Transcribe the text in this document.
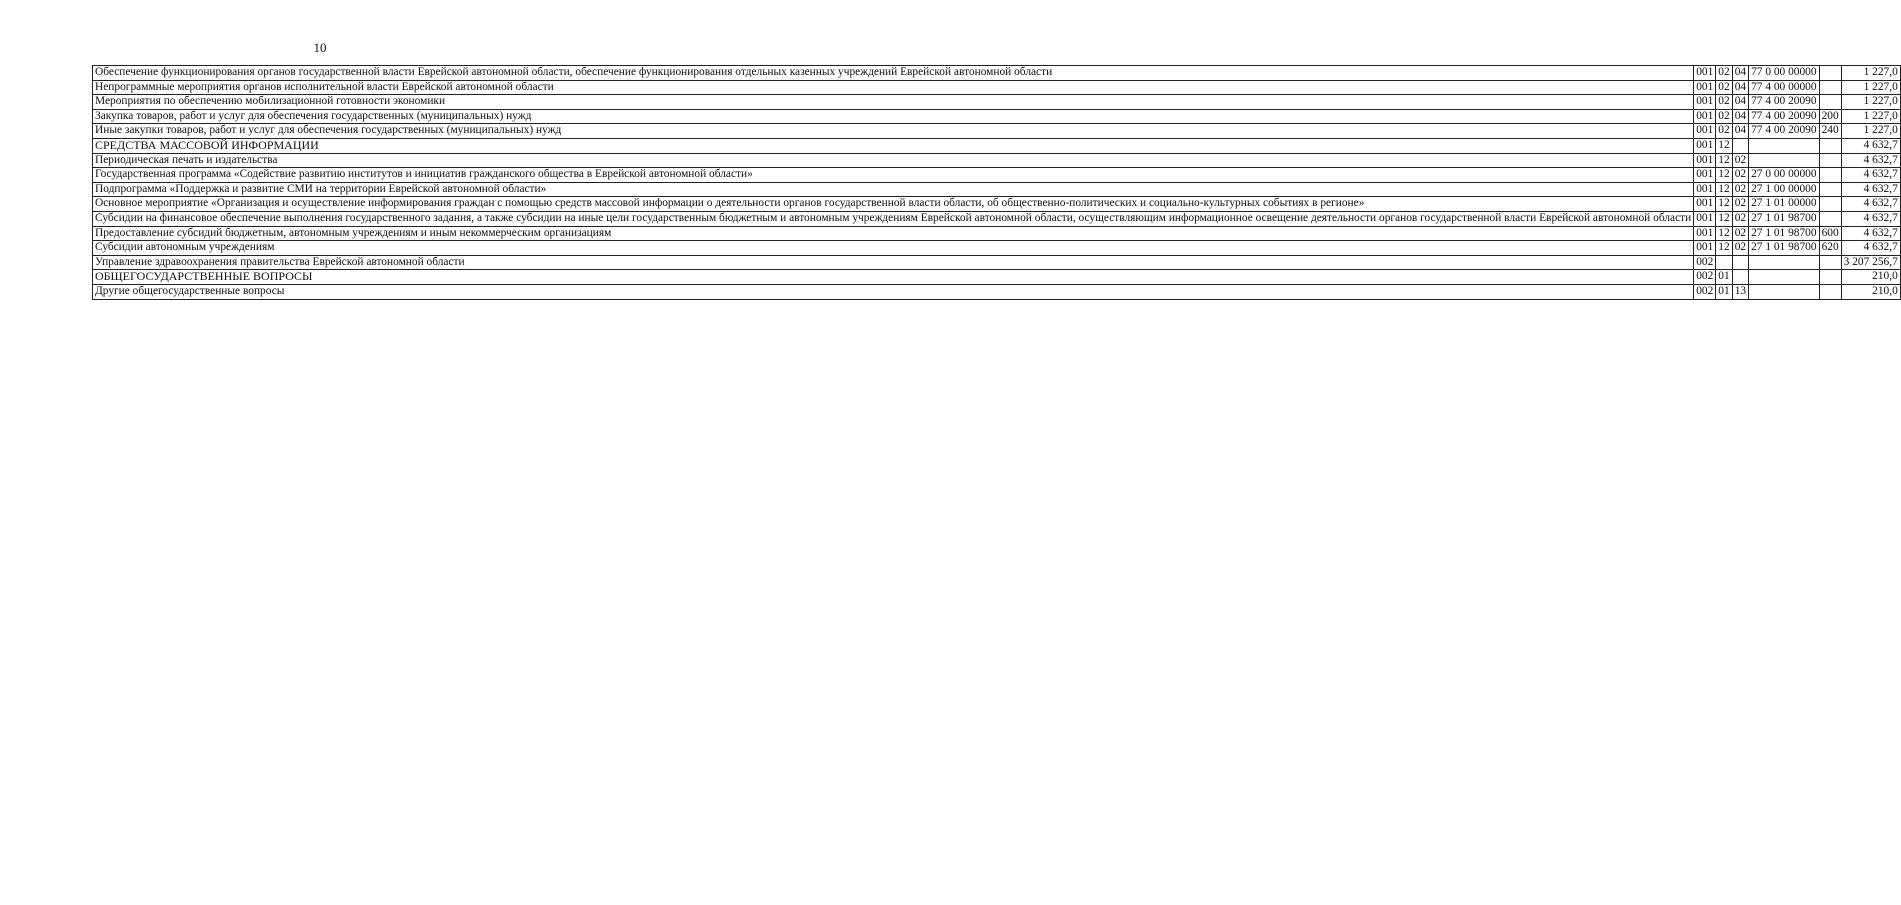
10
Обеспечение функционирования органов государственной власти Еврейской автономной области, обеспечение функционирования отдельных казенных учреждений Еврейской автономной области	001	02	04	77 0 00 00000		1 227,0
Непрограммные мероприятия органов исполнительной власти Еврейской автономной области	001	02	04	77 4 00 00000		1 227,0
Мероприятия по обеспечению мобилизационной готовности экономики	001	02	04	77 4 00 20090		1 227,0
Закупка товаров, работ и услуг для обеспечения государственных (муниципальных) нужд	001	02	04	77 4 00 20090	200	1 227,0
Иные закупки товаров, работ и услуг для обеспечения государственных (муниципальных) нужд	001	02	04	77 4 00 20090	240	1 227,0
СРЕДСТВА МАССОВОЙ ИНФОРМАЦИИ	001	12				4 632,7
Периодическая печать и издательства	001	12	02			4 632,7
Государственная программа «Содействие развитию институтов и инициатив гражданского общества в Еврейской автономной области»	001	12	02	27 0 00 00000		4 632,7
Подпрограмма «Поддержка и развитие СМИ на территории Еврейской автономной области»	001	12	02	27 1 00 00000		4 632,7
Основное мероприятие «Организация и осуществление информирования граждан с помощью средств массовой информации о деятельности органов государственной власти области, об общественно-политических и социально-культурных событиях в регионе»	001	12	02	27 1 01 00000		4 632,7
Субсидии на финансовое обеспечение выполнения государственного задания, а также субсидии на иные цели государственным бюджетным и автономным учреждениям Еврейской автономной области, осуществляющим информационное освещение деятельности органов государственной власти Еврейской автономной области	001	12	02	27 1 01 98700		4 632,7
Предоставление субсидий бюджетным, автономным учреждениям и иным некоммерческим организациям	001	12	02	27 1 01 98700	600	4 632,7
Субсидии автономным учреждениям	001	12	02	27 1 01 98700	620	4 632,7
Управление здравоохранения правительства Еврейской автономной области	002					3 207 256,7
ОБЩЕГОСУДАРСТВЕННЫЕ ВОПРОСЫ	002	01				210,0
Другие общегосударственные вопросы	002	01	13			210,0
